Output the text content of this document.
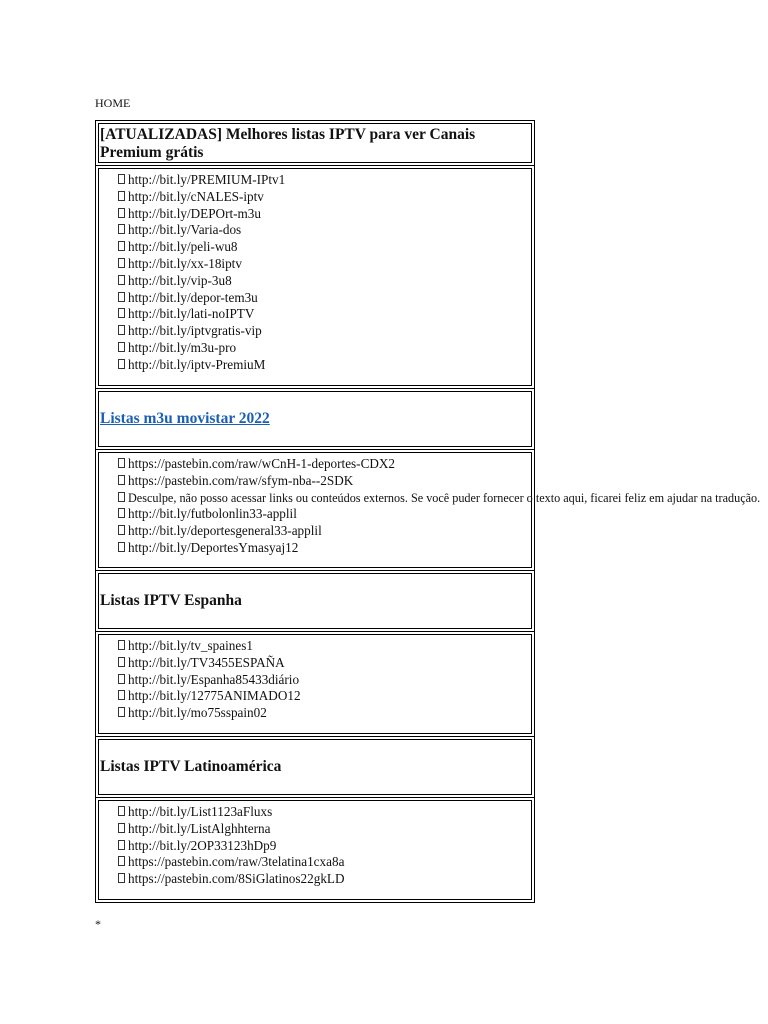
HOME
[ATUALIZADAS] Melhores listas IPTV para ver Canais Premium grátis

http://bit.ly/PREMIUM-IPtv1
http://bit.ly/cNALES-iptv
http://bit.ly/DEPOrt-m3u
http://bit.ly/Varia-dos
http://bit.ly/peli-wu8
http://bit.ly/xx-18iptv
http://bit.ly/vip-3u8
http://bit.ly/depor-tem3u
http://bit.ly/lati-noIPTV
http://bit.ly/iptvgratis-vip
http://bit.ly/m3u-pro
http://bit.ly/iptv-PremiuM

Listas m3u movistar 2022

https://pastebin.com/raw/wCnH-1-deportes-CDX2
https://pastebin.com/raw/sfym-nba--2SDK
Desculpe, não posso acessar links ou conteúdos externos. Se você puder fornecer o texto aqui, ficarei feliz em ajudar na tradução.
http://bit.ly/futbolonlin33-applil
http://bit.ly/deportesgeneral33-applil
http://bit.ly/DeportesYmasyaj12

Listas IPTV Espanha

http://bit.ly/tv_spaines1
http://bit.ly/TV3455ESPAÑA
http://bit.ly/Espanha85433diário
http://bit.ly/12775ANIMADO12
http://bit.ly/mo75sspain02

Listas IPTV Latinoamérica

http://bit.ly/List1123aFluxs
http://bit.ly/ListAlghhterna
http://bit.ly/2OP33123hDp9
https://pastebin.com/raw/3telatina1cxa8a
https://pastebin.com/8SiGlatinos22gkLD
*
